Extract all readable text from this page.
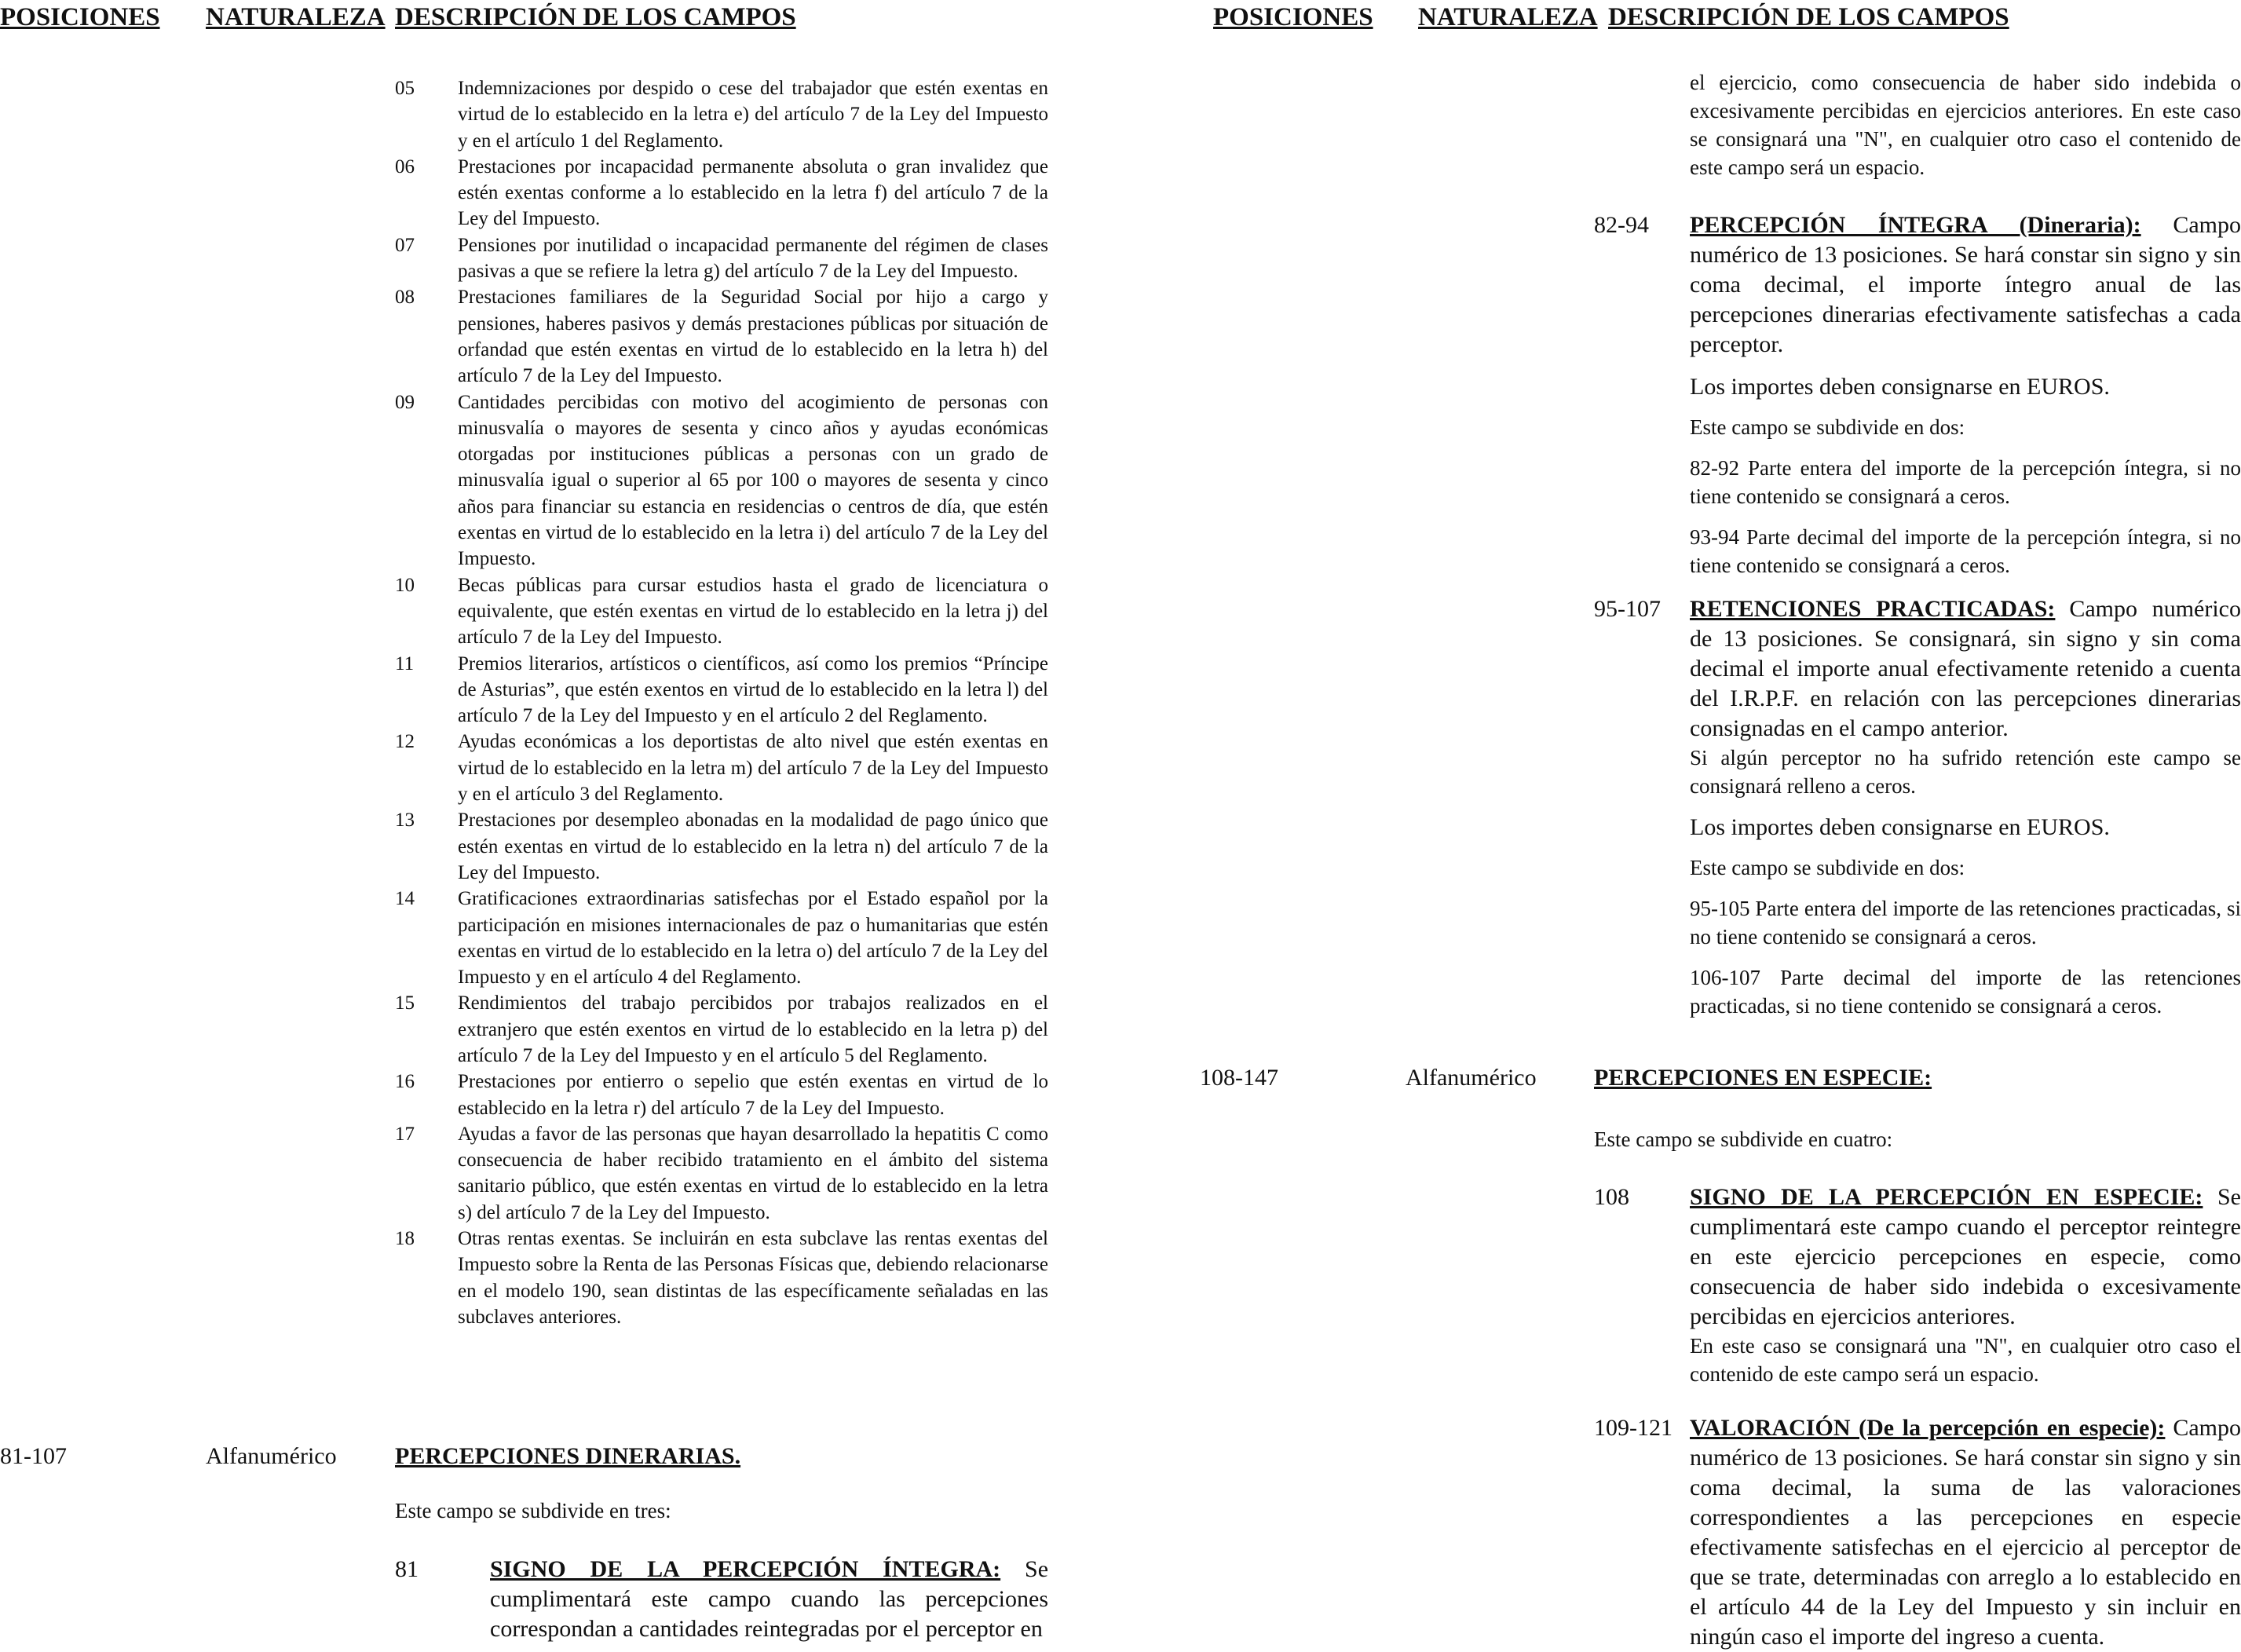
POSICIONES NATURALEZA DESCRIPCIÓN DE LOS CAMPOS	POSICIONES NATURALEZA DESCRIPCIÓN DE LOS CAMPOS
05	Indemnizaciones por despido o cese del trabajador que estén exentas en virtud de lo establecido en la letra e) del artículo 7 de la Ley del Impuesto y en el artículo 1 del Reglamento.
06	Prestaciones por incapacidad permanente absoluta o gran invalidez que estén exentas conforme a lo establecido en la letra f) del artículo 7 de la Ley del Impuesto.
07	Pensiones por inutilidad o incapacidad permanente del régimen de clases pasivas a que se refiere la letra g) del artículo 7 de la Ley del Impuesto.
08	Prestaciones familiares de la Seguridad Social por hijo a cargo y pensiones, haberes pasivos y demás prestaciones públicas por situación de orfandad que estén exentas en virtud de lo establecido en la letra h) del artículo 7 de la Ley del Impuesto.
09	Cantidades percibidas con motivo del acogimiento de personas con minusvalía o mayores de sesenta y cinco años y ayudas económicas otorgadas por instituciones públicas a personas con un grado de minusvalía igual o superior al 65 por 100 o mayores de sesenta y cinco años para financiar su estancia en residencias o centros de día, que estén exentas en virtud de lo establecido en la letra i) del artículo 7 de la Ley del Impuesto.
10	Becas públicas para cursar estudios hasta el grado de licenciatura o equivalente, que estén exentas en virtud de lo establecido en la letra j) del artículo 7 de la Ley del Impuesto.
11	Premios literarios, artísticos o científicos, así como los premios “Príncipe de Asturias”, que estén exentos en virtud de lo establecido en la letra l) del artículo 7 de la Ley del Impuesto y en el artículo 2 del Reglamento.
12	Ayudas económicas a los deportistas de alto nivel que estén exentas en virtud de lo establecido en la letra m) del artículo 7 de la Ley del Impuesto y en el artículo 3 del Reglamento.
13	Prestaciones por desempleo abonadas en la modalidad de pago único que estén exentas en virtud de lo establecido en la letra n) del artículo 7 de la Ley del Impuesto.
14	Gratificaciones extraordinarias satisfechas por el Estado español por la participación en misiones internacionales de paz o humanitarias que estén exentas en virtud de lo establecido en la letra o) del artículo 7 de la Ley del Impuesto y en el artículo 4 del Reglamento.
15	Rendimientos del trabajo percibidos por trabajos realizados en el extranjero que estén exentos en virtud de lo establecido en la letra p) del artículo 7 de la Ley del Impuesto y en el artículo 5 del Reglamento.
16	Prestaciones por entierro o sepelio que estén exentas en virtud de lo establecido en la letra r) del artículo 7 de la Ley del Impuesto.
17	Ayudas a favor de las personas que hayan desarrollado la hepatitis C como consecuencia de haber recibido tratamiento en el ámbito del sistema sanitario público, que estén exentas en virtud de lo establecido en la letra s) del artículo 7 de la Ley del Impuesto.
18	Otras rentas exentas. Se incluirán en esta subclave las rentas exentas del Impuesto sobre la Renta de las Personas Físicas que, debiendo relacionarse en el modelo 190, sean distintas de las específicamente señaladas en las subclaves anteriores.
81-107	Alfanumérico PERCEPCIONES DINERARIAS.
Este campo se subdivide en tres:
81	SIGNO DE LA PERCEPCIÓN ÍNTEGRA: Se cumplimentará este campo cuando las percepciones correspondan a cantidades reintegradas por el perceptor en
el ejercicio, como consecuencia de haber sido indebida o excesivamente percibidas en ejercicios anteriores. En este caso se consignará una "N", en cualquier otro caso el contenido de este campo será un espacio.
82-94 PERCEPCIÓN ÍNTEGRA (Dineraria): Campo numérico de 13 posiciones. Se hará constar sin signo y sin coma decimal, el importe íntegro anual de las percepciones dinerarias efectivamente satisfechas a cada perceptor.

Los importes deben consignarse en EUROS.

Este campo se subdivide en dos:

82-92 Parte entera del importe de la percepción íntegra, si no tiene contenido se consignará a ceros.

93-94 Parte decimal del importe de la percepción íntegra, si no tiene contenido se consignará a ceros.

95-107 RETENCIONES PRACTICADAS: Campo numérico de 13 posiciones. Se consignará, sin signo y sin coma decimal el importe anual efectivamente retenido a cuenta del I.R.P.F. en relación con las percepciones dinerarias consignadas en el campo anterior.

Si algún perceptor no ha sufrido retención este campo se consignará relleno a ceros.

Los importes deben consignarse en EUROS.

Este campo se subdivide en dos:

95-105 Parte entera del importe de las retenciones practicadas, si no tiene contenido se consignará a ceros.

106-107 Parte decimal del importe de las retenciones practicadas, si no tiene contenido se consignará a ceros.

108-147	Alfanumérico PERCEPCIONES EN ESPECIE:
Este campo se subdivide en cuatro:
108	SIGNO DE LA PERCEPCIÓN EN ESPECIE: Se cumplimentará este campo cuando el perceptor reintegre en este ejercicio percepciones en especie, como consecuencia de haber sido indebida o excesivamente percibidas en ejercicios anteriores.

En este caso se consignará una "N", en cualquier otro caso el contenido de este campo será un espacio.

109-121 VALORACIÓN (De la percepción en especie): Campo numérico de 13 posiciones. Se hará constar sin signo y sin coma decimal, la suma de las valoraciones correspondientes a las percepciones en especie efectivamente satisfechas en el ejercicio al perceptor de que se trate, determinadas con arreglo a lo establecido en el artículo 44 de la Ley del Impuesto y sin incluir en ningún caso el importe del ingreso a cuenta.
